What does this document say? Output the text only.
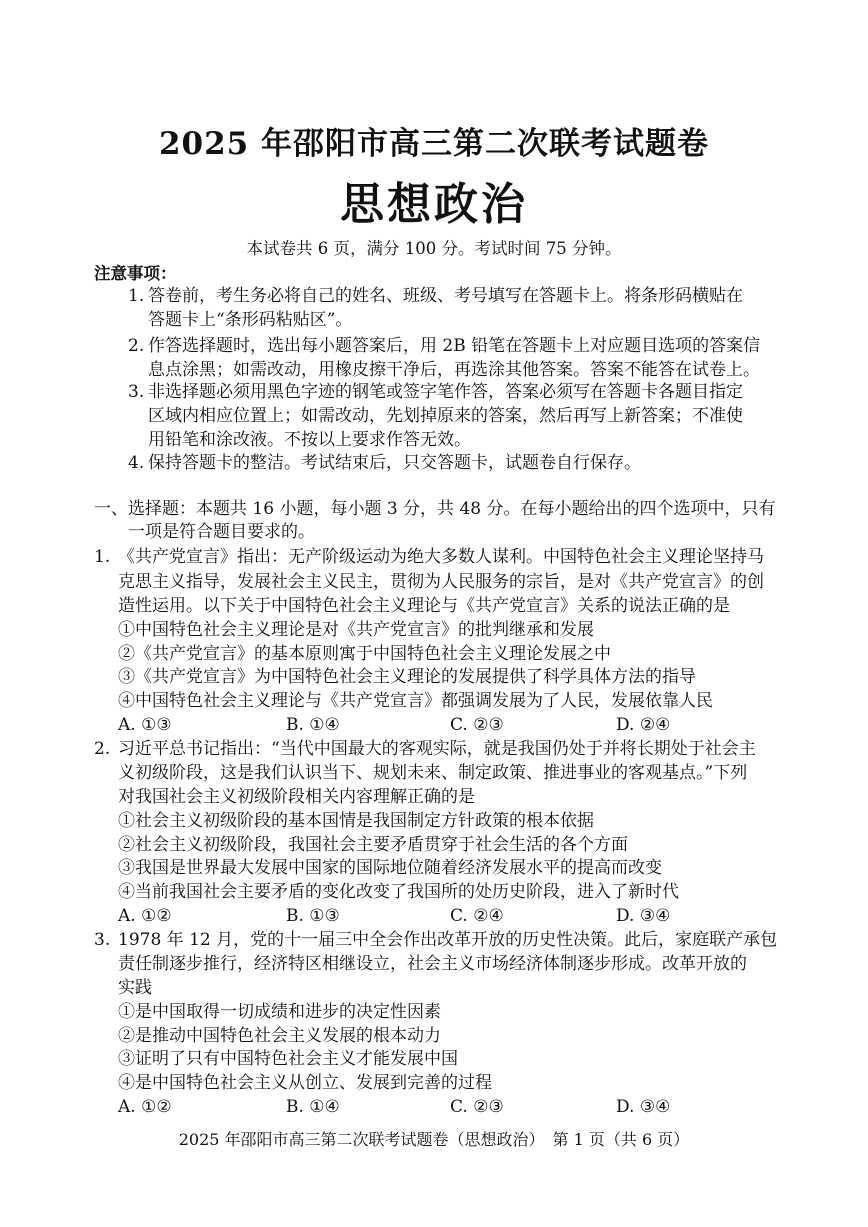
2025 年邵阳市高三第二次联考试题卷
思想政治
本试卷共 6 页，满分 100 分。考试时间 75 分钟。
注意事项：
1. 答卷前，考生务必将自己的姓名、班级、考号填写在答题卡上。将条形码横贴在
答题卡上“条形码粘贴区”。
2. 作答选择题时，选出每小题答案后，用 2B 铅笔在答题卡上对应题目选项的答案信
息点涂黑；如需改动，用橡皮擦干净后，再选涂其他答案。答案不能答在试卷上。
3. 非选择题必须用黑色字迹的钢笔或签字笔作答，答案必须写在答题卡各题目指定
区域内相应位置上；如需改动，先划掉原来的答案，然后再写上新答案；不准使
用铅笔和涂改液。不按以上要求作答无效。
4. 保持答题卡的整洁。考试结束后，只交答题卡，试题卷自行保存。
一、选择题：本题共 16 小题，每小题 3 分，共 48 分。在每小题给出的四个选项中，只有
一项是符合题目要求的。
1. 《共产党宣言》指出：无产阶级运动为绝大多数人谋利。中国特色社会主义理论坚持马
克思主义指导，发展社会主义民主，贯彻为人民服务的宗旨，是对《共产党宣言》的创
造性运用。以下关于中国特色社会主义理论与《共产党宣言》关系的说法正确的是
①中国特色社会主义理论是对《共产党宣言》的批判继承和发展
②《共产党宣言》的基本原则寓于中国特色社会主义理论发展之中
③《共产党宣言》为中国特色社会主义理论的发展提供了科学具体方法的指导
④中国特色社会主义理论与《共产党宣言》都强调发展为了人民，发展依靠人民
A. ①③	B. ①④	C. ②③	D. ②④
2. 习近平总书记指出：“当代中国最大的客观实际，就是我国仍处于并将长期处于社会主
义初级阶段，这是我们认识当下、规划未来、制定政策、推进事业的客观基点。”下列
对我国社会主义初级阶段相关内容理解正确的是
①社会主义初级阶段的基本国情是我国制定方针政策的根本依据
②社会主义初级阶段，我国社会主要矛盾贯穿于社会生活的各个方面
③我国是世界最大发展中国家的国际地位随着经济发展水平的提高而改变
④当前我国社会主要矛盾的变化改变了我国所的处历史阶段，进入了新时代
A. ①②	B. ①③	C. ②④	D. ③④
3. 1978 年 12 月，党的十一届三中全会作出改革开放的历史性决策。此后，家庭联产承包
责任制逐步推行，经济特区相继设立，社会主义市场经济体制逐步形成。改革开放的
实践
①是中国取得一切成绩和进步的决定性因素
②是推动中国特色社会主义发展的根本动力
③证明了只有中国特色社会主义才能发展中国
④是中国特色社会主义从创立、发展到完善的过程
A. ①②	B. ①④	C. ②③	D. ③④
2025 年邵阳市高三第二次联考试题卷（思想政治）　第 1 页（共 6 页）
